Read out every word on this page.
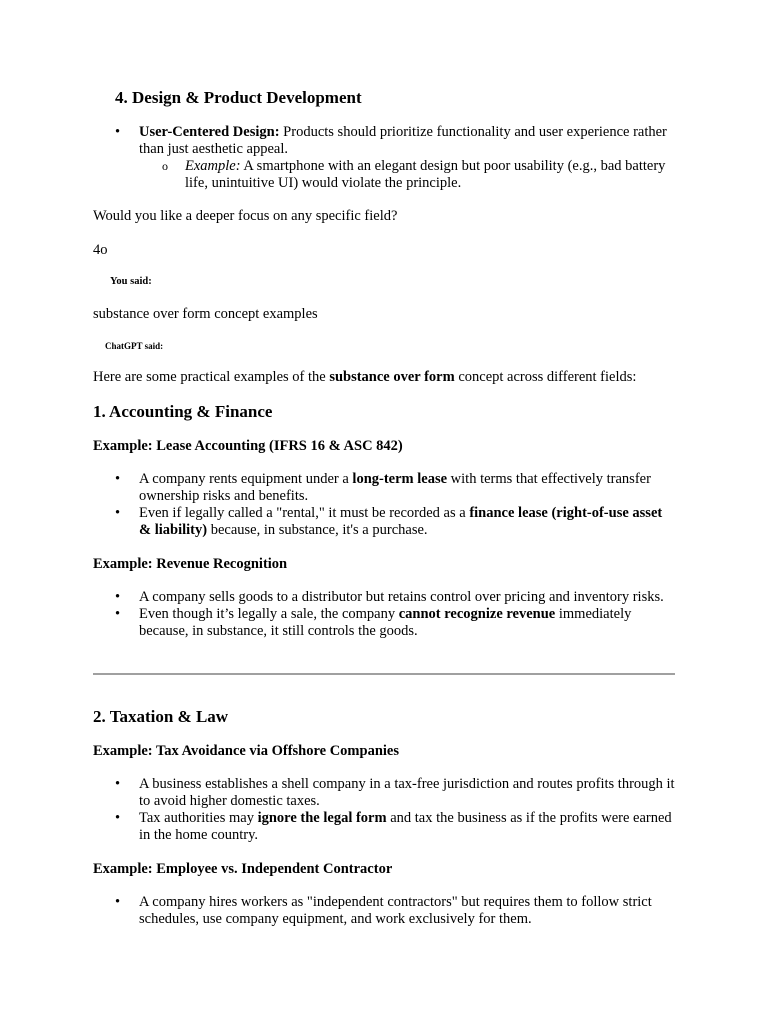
4. Design & Product Development
• User-Centered Design: Products should prioritize functionality and user experience rather than just aesthetic appeal.
o Example: A smartphone with an elegant design but poor usability (e.g., bad battery life, unintuitive UI) would violate the principle.

Would you like a deeper focus on any specific field?

4o

You said:

substance over form concept examples

ChatGPT said:

Here are some practical examples of the substance over form concept across different fields:

1. Accounting & Finance
Example: Lease Accounting (IFRS 16 & ASC 842)
• A company rents equipment under a long-term lease with terms that effectively transfer ownership risks and benefits.
• Even if legally called a "rental," it must be recorded as a finance lease (right-of-use asset & liability) because, in substance, it's a purchase.
Example: Revenue Recognition
• A company sells goods to a distributor but retains control over pricing and inventory risks.
• Even though it’s legally a sale, the company cannot recognize revenue immediately because, in substance, it still controls the goods.
2. Taxation & Law
Example: Tax Avoidance via Offshore Companies
• A business establishes a shell company in a tax-free jurisdiction and routes profits through it to avoid higher domestic taxes.
• Tax authorities may ignore the legal form and tax the business as if the profits were earned in the home country.
Example: Employee vs. Independent Contractor
• A company hires workers as "independent contractors" but requires them to follow strict schedules, use company equipment, and work exclusively for them.
